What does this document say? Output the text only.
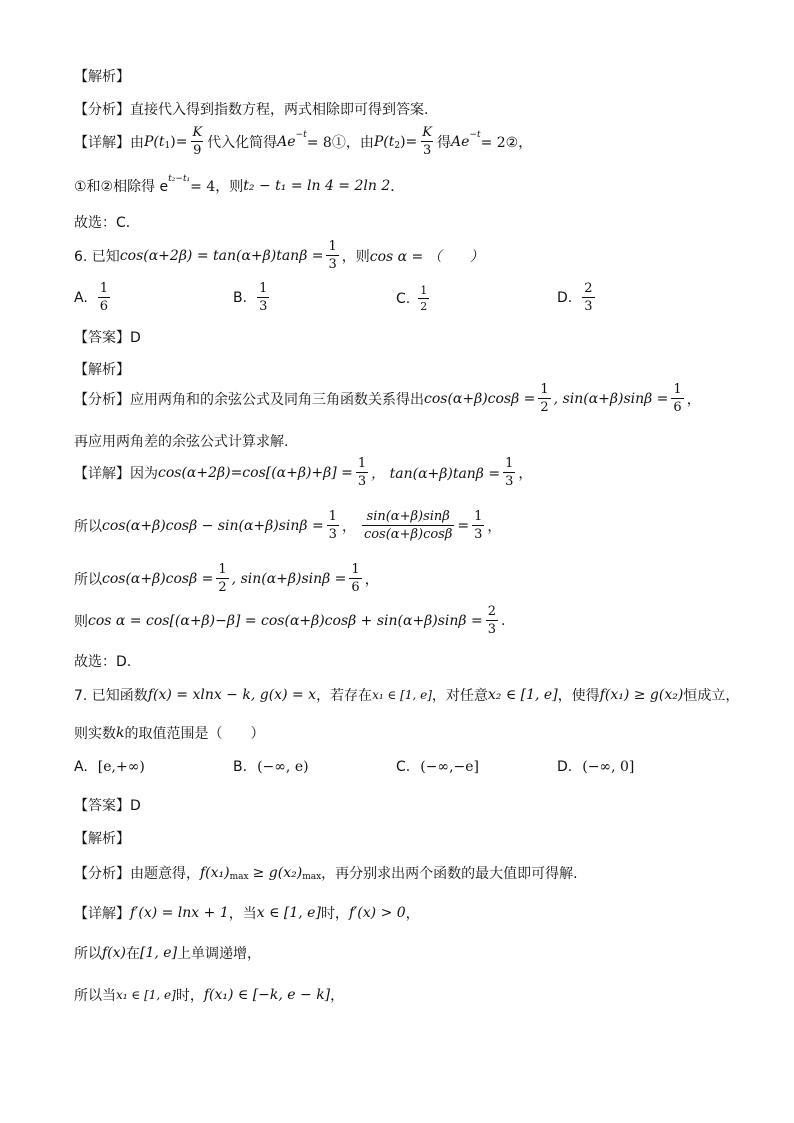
【解析】
【分析】直接代入得到指数方程，两式相除即可得到答案.
【详解】由 P(t 1 )= $\frac{K}{9}$ 代入化简得 Ae −t = 8①，由 P(t 2 )= $\frac{K}{3}$ 得 Ae −t = 2②，
①和②相除得 e t₂−t₁ = 4，则 t₂ − t₁ = ln 4 = 2ln 2 ．
故选：C．
6. 已知 $\cos(\alpha+2\beta) = \tan(\alpha+\beta)\tan\beta = \frac{1}{3}$ ，则 cos α = （　　）
A. $\frac{1}{6}$	B. $\frac{1}{3}$	C. $\frac{1}{2}$	D. $\frac{2}{3}$
【答案】D
【解析】
【分析】应用两角和的余弦公式及同角三角函数关系得出 $\cos(\alpha+\beta)\cos\beta = \frac{1}{2}$ , $\sin(\alpha+\beta)\sin\beta = \frac{1}{6}$ ，
再应用两角差的余弦公式计算求解.
【详解】因为 $\cos(\alpha+2\beta)=\cos[(\alpha+\beta)+\beta] = \frac{1}{3}$ ， $\tan(\alpha+\beta)\tan\beta = \frac{1}{3}$ ，
所以 $\cos(\alpha+\beta)\cos\beta - \sin(\alpha+\beta)\sin\beta = \frac{1}{3}$ ， $\frac{\sin(\alpha+\beta)\sin\beta}{\cos(\alpha+\beta)\cos\beta} = \frac{1}{3}$ ，
所以 $\cos(\alpha+\beta)\cos\beta = \frac{1}{2}$ , $\sin(\alpha+\beta)\sin\beta = \frac{1}{6}$ ，
则 $\cos \alpha = \cos[(\alpha+\beta)-\beta] = \cos(\alpha+\beta)\cos\beta + \sin(\alpha+\beta)\sin\beta = \frac{2}{3}$ .
故选：D.
7. 已知函数 f(x) = xlnx − k, g(x) = x ，若存在 x₁ ∈ [1, e] ，对任意 x₂ ∈ [1, e] ，使得 f(x₁) ≥ g(x₂) 恒成立，
则实数 k 的取值范围是（　　）
A. [e,+∞)	B. (−∞, e)	C. (−∞,−e]	D. (−∞, 0]
【答案】D
【解析】
【分析】由题意得， f(x₁) max ≥ g(x₂) max ，再分别求出两个函数的最大值即可得解.
【详解】 f′(x) = lnx + 1 ，当 x ∈ [1, e] 时， f′(x) > 0 ，
所以 f(x) 在 [1, e] 上单调递增，
所以当 x₁ ∈ [1, e] 时， f(x₁) ∈ [−k, e − k] ，
